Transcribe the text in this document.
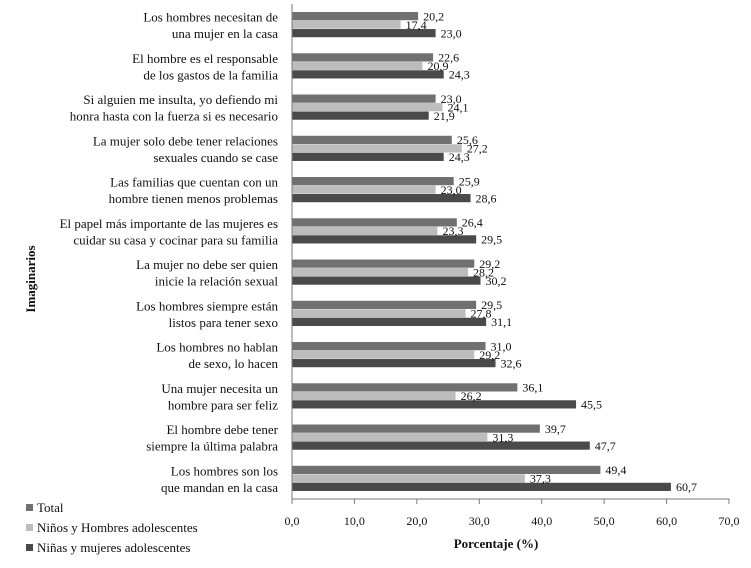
Los hombres necesitan de
una mujer en la casa
El hombre es el responsable
de los gastos de la familia
Si alguien me insulta, yo defiendo mi
honra hasta con la fuerza si es necesario
La mujer solo debe tener relaciones
sexuales cuando se case
Las familias que cuentan con un
hombre tienen menos problemas
El papel más importante de las mujeres es
cuidar su casa y cocinar para su familia
La mujer no debe ser quien
inicie la relación sexual
Los hombres siempre están
listos para tener sexo
Los hombres no hablan
de sexo, lo hacen
Una mujer necesita un
hombre para ser feliz
El hombre debe tener
siempre la última palabra
Los hombres son los
que mandan en la casa
20,2
17,4
23,0
22,6
20,9
24,3
23,0
24,1
21,9
25,6
27,2
24,3
25,9
23,0
28,6
26,4
23,3
29,5
29,2
28,2
30,2
29,5
27,8
31,1
31,0
29,2
32,6
36,1
26,2
45,5
39,7
31,3
47,7
49,4
37,3
60,7
0,0	10,0	20,0	30,0	40,0	50,0	60,0	70,0
Imaginarios
Porcentaje (%)
Total
Niños y Hombres adolescentes
Niñas y mujeres adolescentes
